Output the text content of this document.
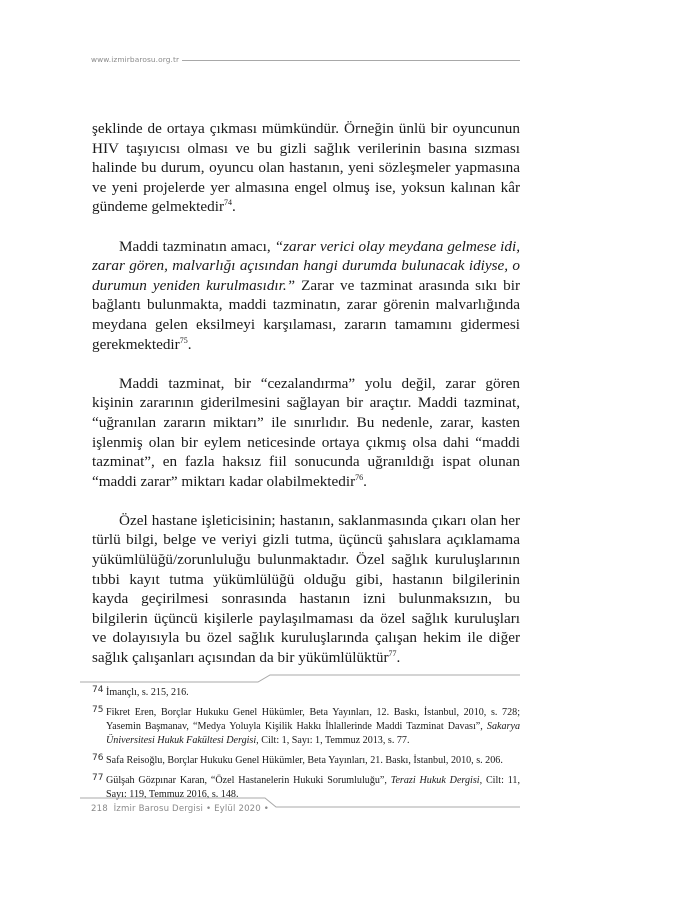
www.izmirbarosu.org.tr

şeklinde de ortaya çıkması mümkündür. Örneğin ünlü bir oyuncunun HIV taşıyıcısı olması ve bu gizli sağlık verilerinin basına sızması halinde bu durum, oyuncu olan hastanın, yeni sözleşmeler yapmasına ve yeni projelerde yer almasına engel olmuş ise, yoksun kalınan kâr gündeme gelmektedir$^{74}$.

Maddi tazminatın amacı, “zarar verici olay meydana gelmese idi, zarar gören, malvarlığı açısından hangi durumda bulunacak idiyse, o durumun yeniden kurulmasıdır.” Zarar ve tazminat arasında sıkı bir bağlantı bulunmakta, maddi tazminatın, zarar görenin malvarlığında meydana gelen eksilmeyi karşılaması, zararın tamamını gidermesi gerekmektedir$^{75}$.

Maddi tazminat, bir “cezalandırma” yolu değil, zarar gören kişinin zararının giderilmesini sağlayan bir araçtır. Maddi tazminat, “uğranılan zararın miktarı” ile sınırlıdır. Bu nedenle, zarar, kasten işlenmiş olan bir eylem neticesinde ortaya çıkmış olsa dahi “maddi tazminat”, en fazla haksız fiil sonucunda uğranıldığı ispat olunan “maddi zarar” miktarı kadar olabilmektedir$^{76}$.

Özel hastane işleticisinin; hastanın, saklanmasında çıkarı olan her türlü bilgi, belge ve veriyi gizli tutma, üçüncü şahıslara açıklamama yükümlülüğü/zorunluluğu bulunmaktadır. Özel sağlık kuruluşlarının tıbbi kayıt tutma yükümlülüğü olduğu gibi, hastanın bilgilerinin kayda geçirilmesi sonrasında hastanın izni bulunmaksızın, bu bilgilerin üçüncü kişilerle paylaşılmaması da özel sağlık kuruluşları ve dolayısıyla bu özel sağlık kuruluşlarında çalışan hekim ile diğer sağlık çalışanları açısından da bir yükümlülüktür$^{77}$.

74 İmançlı, s. 215, 216.
75 Fikret Eren, Borçlar Hukuku Genel Hükümler, Beta Yayınları, 12. Baskı, İstanbul, 2010, s. 728; Yasemin Başmanav, “Medya Yoluyla Kişilik Hakkı İhlallerinde Maddi Tazminat Davası”, Sakarya Üniversitesi Hukuk Fakültesi Dergisi, Cilt: 1, Sayı: 1, Temmuz 2013, s. 77.
76 Safa Reisoğlu, Borçlar Hukuku Genel Hükümler, Beta Yayınları, 21. Baskı, İstanbul, 2010, s. 206.
77 Gülşah Gözpınar Karan, “Özel Hastanelerin Hukuki Sorumluluğu”, Terazi Hukuk Dergisi, Cilt: 11, Sayı: 119, Temmuz 2016, s. 148.
218  İzmir Barosu Dergisi • Eylül 2020 •
